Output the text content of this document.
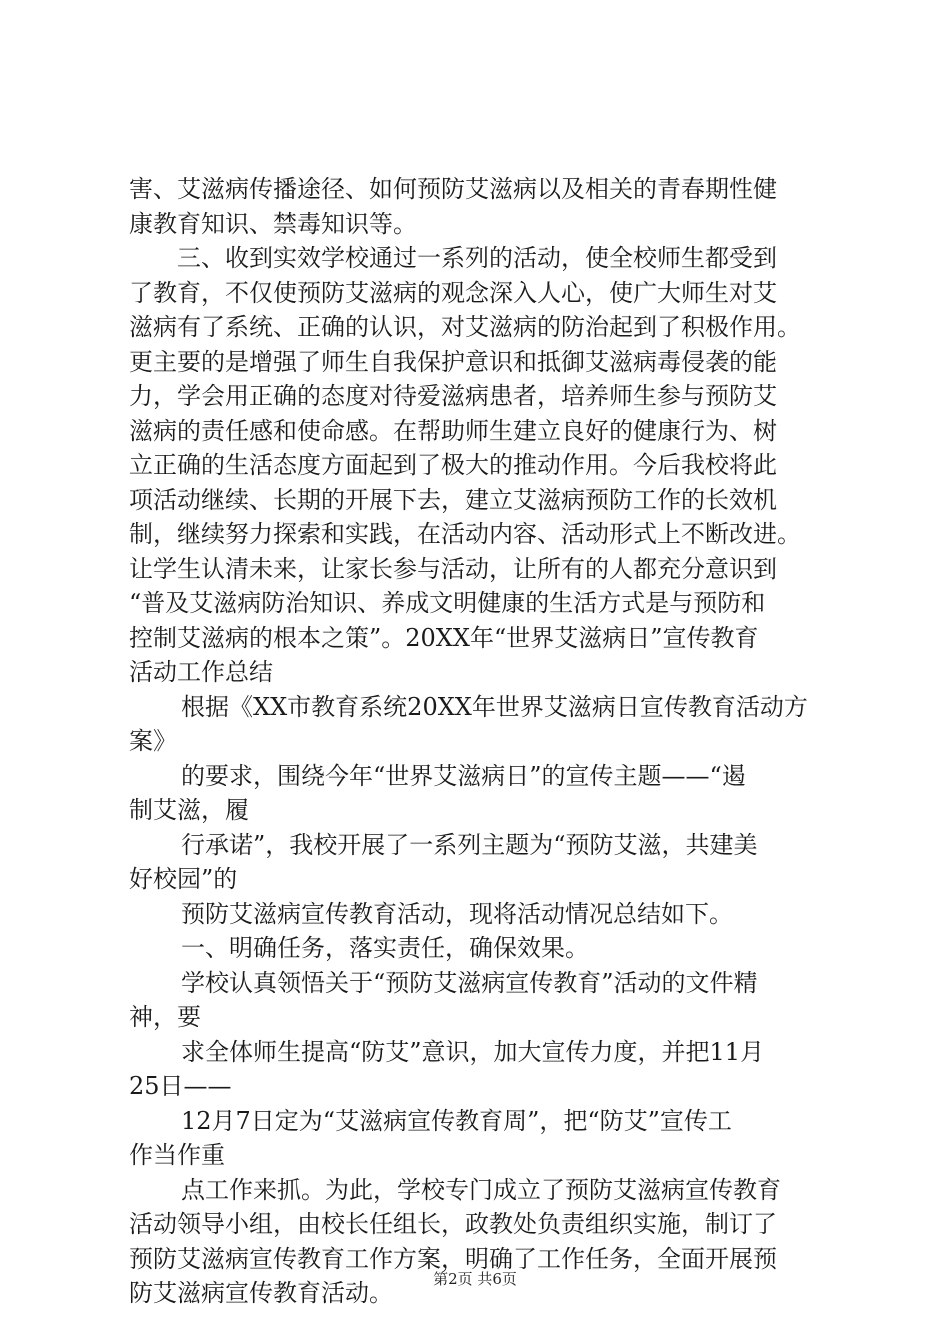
害、艾滋病传播途径、如何预防艾滋病以及相关的青春期性健
康教育知识、禁毒知识等。
三、收到实效学校通过一系列的活动，使全校师生都受到
了教育，不仅使预防艾滋病的观念深入人心，使广大师生对艾
滋病有了系统、正确的认识，对艾滋病的防治起到了积极作用。
更主要的是增强了师生自我保护意识和抵御艾滋病毒侵袭的能
力，学会用正确的态度对待爱滋病患者，培养师生参与预防艾
滋病的责任感和使命感。在帮助师生建立良好的健康行为、树
立正确的生活态度方面起到了极大的推动作用。今后我校将此
项活动继续、长期的开展下去，建立艾滋病预防工作的长效机
制，继续努力探索和实践，在活动内容、活动形式上不断改进。
让学生认清未来，让家长参与活动，让所有的人都充分意识到
“普及艾滋病防治知识、养成文明健康的生活方式是与预防和
控制艾滋病的根本之策”。20XX年“世界艾滋病日”宣传教育
活动工作总结
根据《XX市教育系统20XX年世界艾滋病日宣传教育活动方
案》
的要求，围绕今年“世界艾滋病日”的宣传主题——“遏
制艾滋，履
行承诺”，我校开展了一系列主题为“预防艾滋，共建美
好校园”的
预防艾滋病宣传教育活动，现将活动情况总结如下。
一、明确任务，落实责任，确保效果。
学校认真领悟关于“预防艾滋病宣传教育”活动的文件精
神，要
求全体师生提高“防艾”意识，加大宣传力度，并把11月
25日——
12月7日定为“艾滋病宣传教育周”，把“防艾”宣传工
作当作重
点工作来抓。为此，学校专门成立了预防艾滋病宣传教育
活动领导小组，由校长任组长，政教处负责组织实施，制订了
预防艾滋病宣传教育工作方案，明确了工作任务，全面开展预
防艾滋病宣传教育活动。	第2页 共6页
